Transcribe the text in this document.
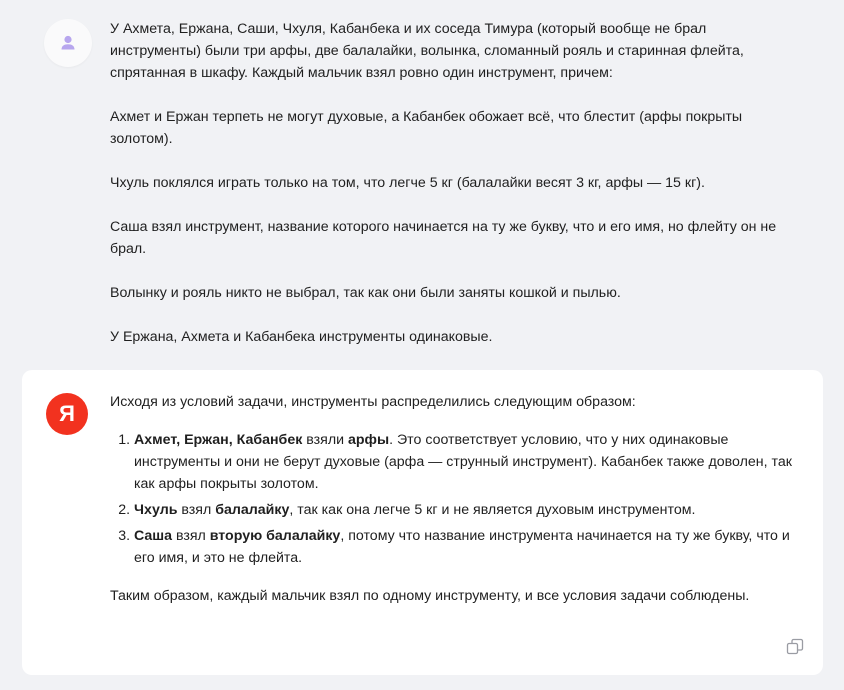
У Ахмета, Ержана, Саши, Чхуля, Кабанбека и их соседа Тимура (который вообще не брал инструменты) были три арфы, две балалайки, волынка, сломанный рояль и старинная флейта, спрятанная в шкафу. Каждый мальчик взял ровно один инструмент, причем:

Ахмет и Ержан терпеть не могут духовые, а Кабанбек обожает всё, что блестит (арфы покрыты золотом).

Чхуль поклялся играть только на том, что легче 5 кг (балалайки весят 3 кг, арфы — 15 кг).

Саша взял инструмент, название которого начинается на ту же букву, что и его имя, но флейту он не брал.

Волынку и рояль никто не выбрал, так как они были заняты кошкой и пылью.

У Ержана, Ахмета и Кабанбека инструменты одинаковые.

Я	Исходя из условий задачи, инструменты распределились следующим образом:

1. Ахмет, Ержан, Кабанбек взяли арфы. Это соответствует условию, что у них одинаковые инструменты и они не берут духовые (арфа — струнный инструмент). Кабанбек также доволен, так как арфы покрыты золотом.
2. Чхуль взял балалайку, так как она легче 5 кг и не является духовым инструментом.
3. Саша взял вторую балалайку, потому что название инструмента начинается на ту же букву, что и его имя, и это не флейта.

Таким образом, каждый мальчик взял по одному инструменту, и все условия задачи соблюдены.
